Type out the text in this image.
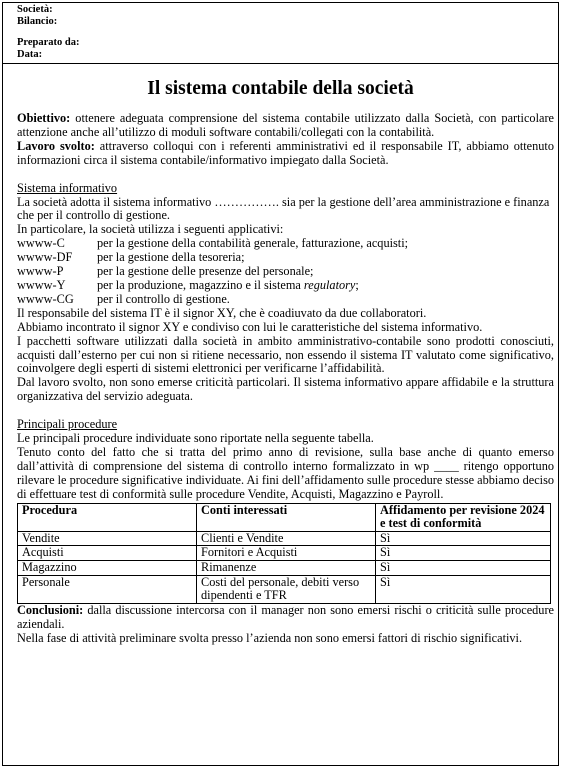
Società:
Bilancio:
Preparato da:
Data:
Il sistema contabile della società

Obiettivo: ottenere adeguata comprensione del sistema contabile utilizzato dalla Società, con particolare attenzione anche all’utilizzo di moduli software contabili/collegati con la contabilità.

Lavoro svolto: attraverso colloqui con i referenti amministrativi ed il responsabile IT, abbiamo ottenuto informazioni circa il sistema contabile/informativo impiegato dalla Società.

Sistema informativo

La società adotta il sistema informativo ……………. sia per la gestione dell’area amministrazione e finanza che per il controllo di gestione.

In particolare, la società utilizza i seguenti applicativi:

wwww-C	per la gestione della contabilità generale, fatturazione, acquisti;
wwww-DF	per la gestione della tesoreria;
wwww-P	per la gestione delle presenze del personale;
wwww-Y	per la produzione, magazzino e il sistema regulatory;
wwww-CG	per il controllo di gestione.

Il responsabile del sistema IT è il signor XY, che è coadiuvato da due collaboratori.

Abbiamo incontrato il signor XY e condiviso con lui le caratteristiche del sistema informativo.

I pacchetti software utilizzati dalla società in ambito amministrativo-contabile sono prodotti conosciuti, acquisti dall’esterno per cui non si ritiene necessario, non essendo il sistema IT valutato come significativo, coinvolgere degli esperti di sistemi elettronici per verificarne l’affidabilità.

Dal lavoro svolto, non sono emerse criticità particolari. Il sistema informativo appare affidabile e la struttura organizzativa del servizio adeguata.

Principali procedure

Le principali procedure individuate sono riportate nella seguente tabella.

Tenuto conto del fatto che si tratta del primo anno di revisione, sulla base anche di quanto emerso dall’attività di comprensione del sistema di controllo interno formalizzato in wp ____ ritengo opportuno rilevare le procedure significative individuate. Ai fini dell’affidamento sulle procedure stesse abbiamo deciso di effettuare test di conformità sulle procedure Vendite, Acquisti, Magazzino e Payroll.

Procedura	Conti interessati	Affidamento per revisione 2024 e test di conformità
Vendite	Clienti e Vendite	Sì
Acquisti	Fornitori e Acquisti	Sì
Magazzino	Rimanenze	Sì
Personale	Costi del personale, debiti verso dipendenti e TFR	Sì

Conclusioni: dalla discussione intercorsa con il manager non sono emersi rischi o criticità sulle procedure aziendali.

Nella fase di attività preliminare svolta presso l’azienda non sono emersi fattori di rischio significativi.
